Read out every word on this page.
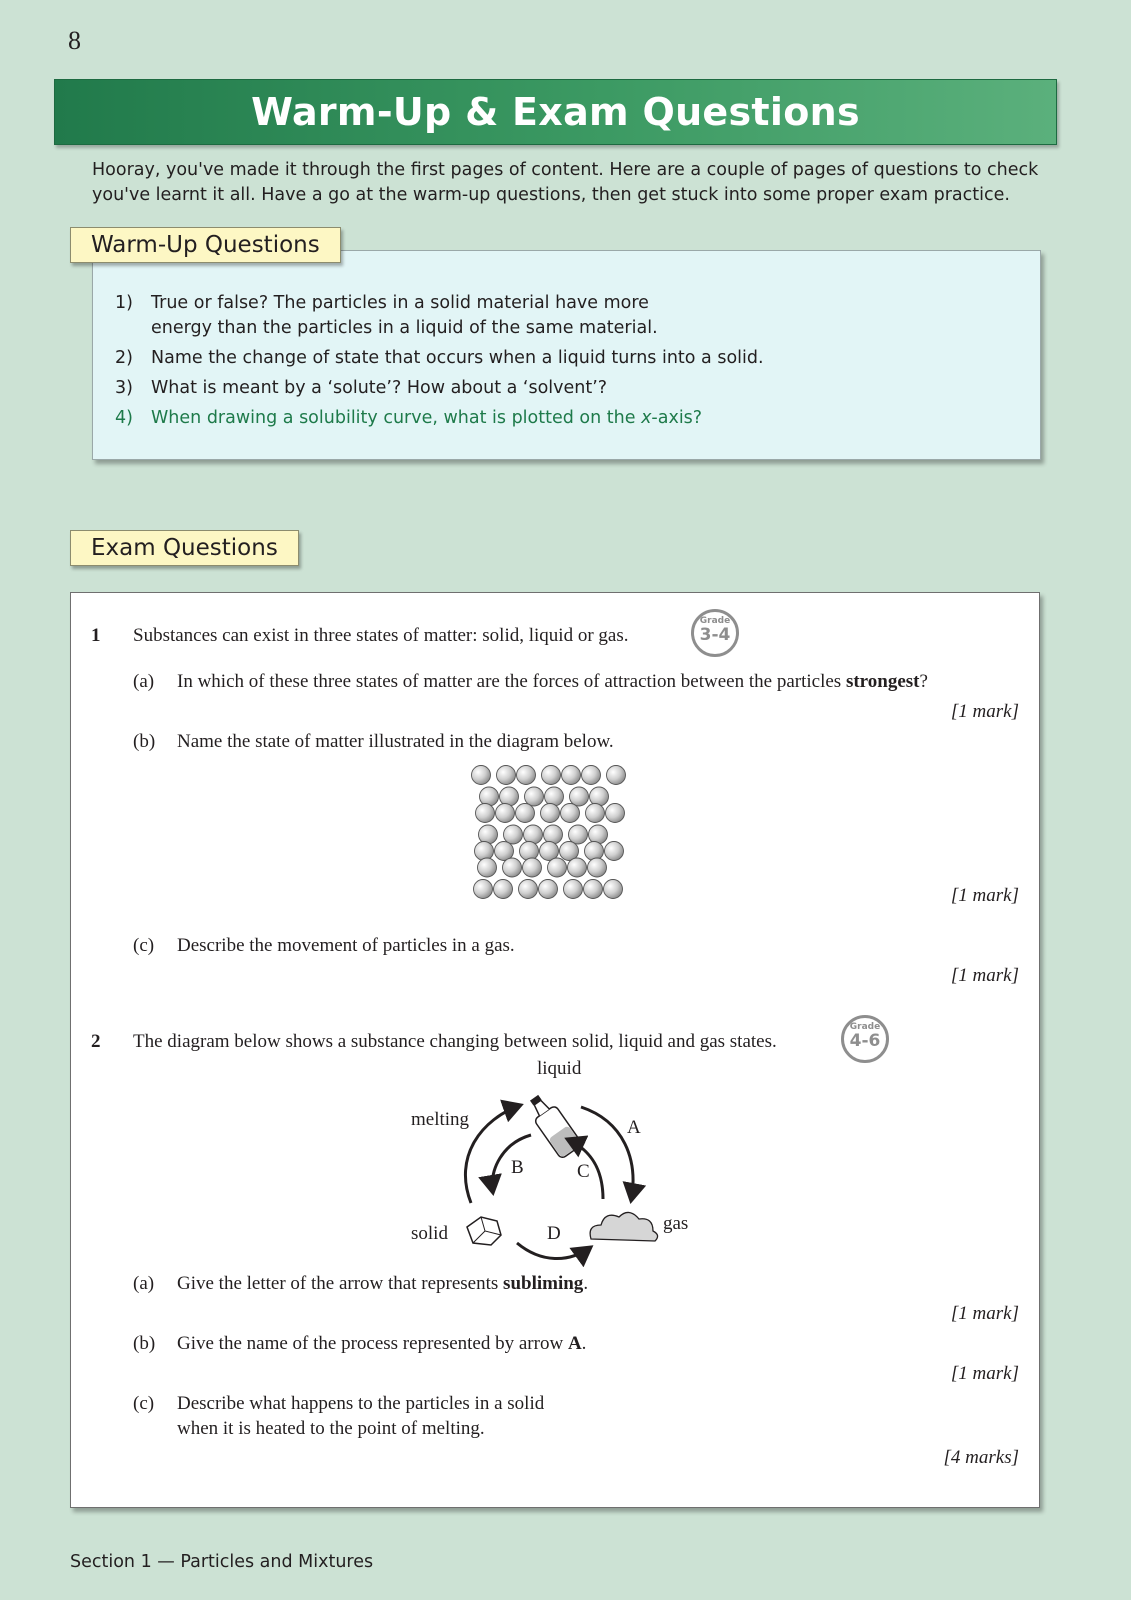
8
Warm-Up & Exam Questions
Hooray, you've made it through the first pages of content. Here are a couple of pages of questions to check you've learnt it all. Have a go at the warm-up questions, then get stuck into some proper exam practice.
Warm-Up Questions
1)	True or false? The particles in a solid material have more energy than the particles in a liquid of the same material.
2)	Name the change of state that occurs when a liquid turns into a solid.
3)	What is meant by a ‘solute’? How about a ‘solvent’?
4)	When drawing a solubility curve, what is plotted on the x-axis?
Exam Questions
1 Substances can exist in three states of matter: solid, liquid or gas.
Grade
3-4
(a) In which of these three states of matter are the forces of attraction between the particles strongest?
[1 mark]
(b) Name the state of matter illustrated in the diagram below.
[1 mark]
(c) Describe the movement of particles in a gas.
[1 mark]
2 The diagram below shows a substance changing between solid, liquid and gas states.
Grade
4-6
liquid
melting	A
B	C
solid	D	gas
(a) Give the letter of the arrow that represents subliming.
[1 mark]
(b) Give the name of the process represented by arrow A.
[1 mark]
(c) Describe what happens to the particles in a solid
when it is heated to the point of melting.
[4 marks]
Section 1 — Particles and Mixtures
